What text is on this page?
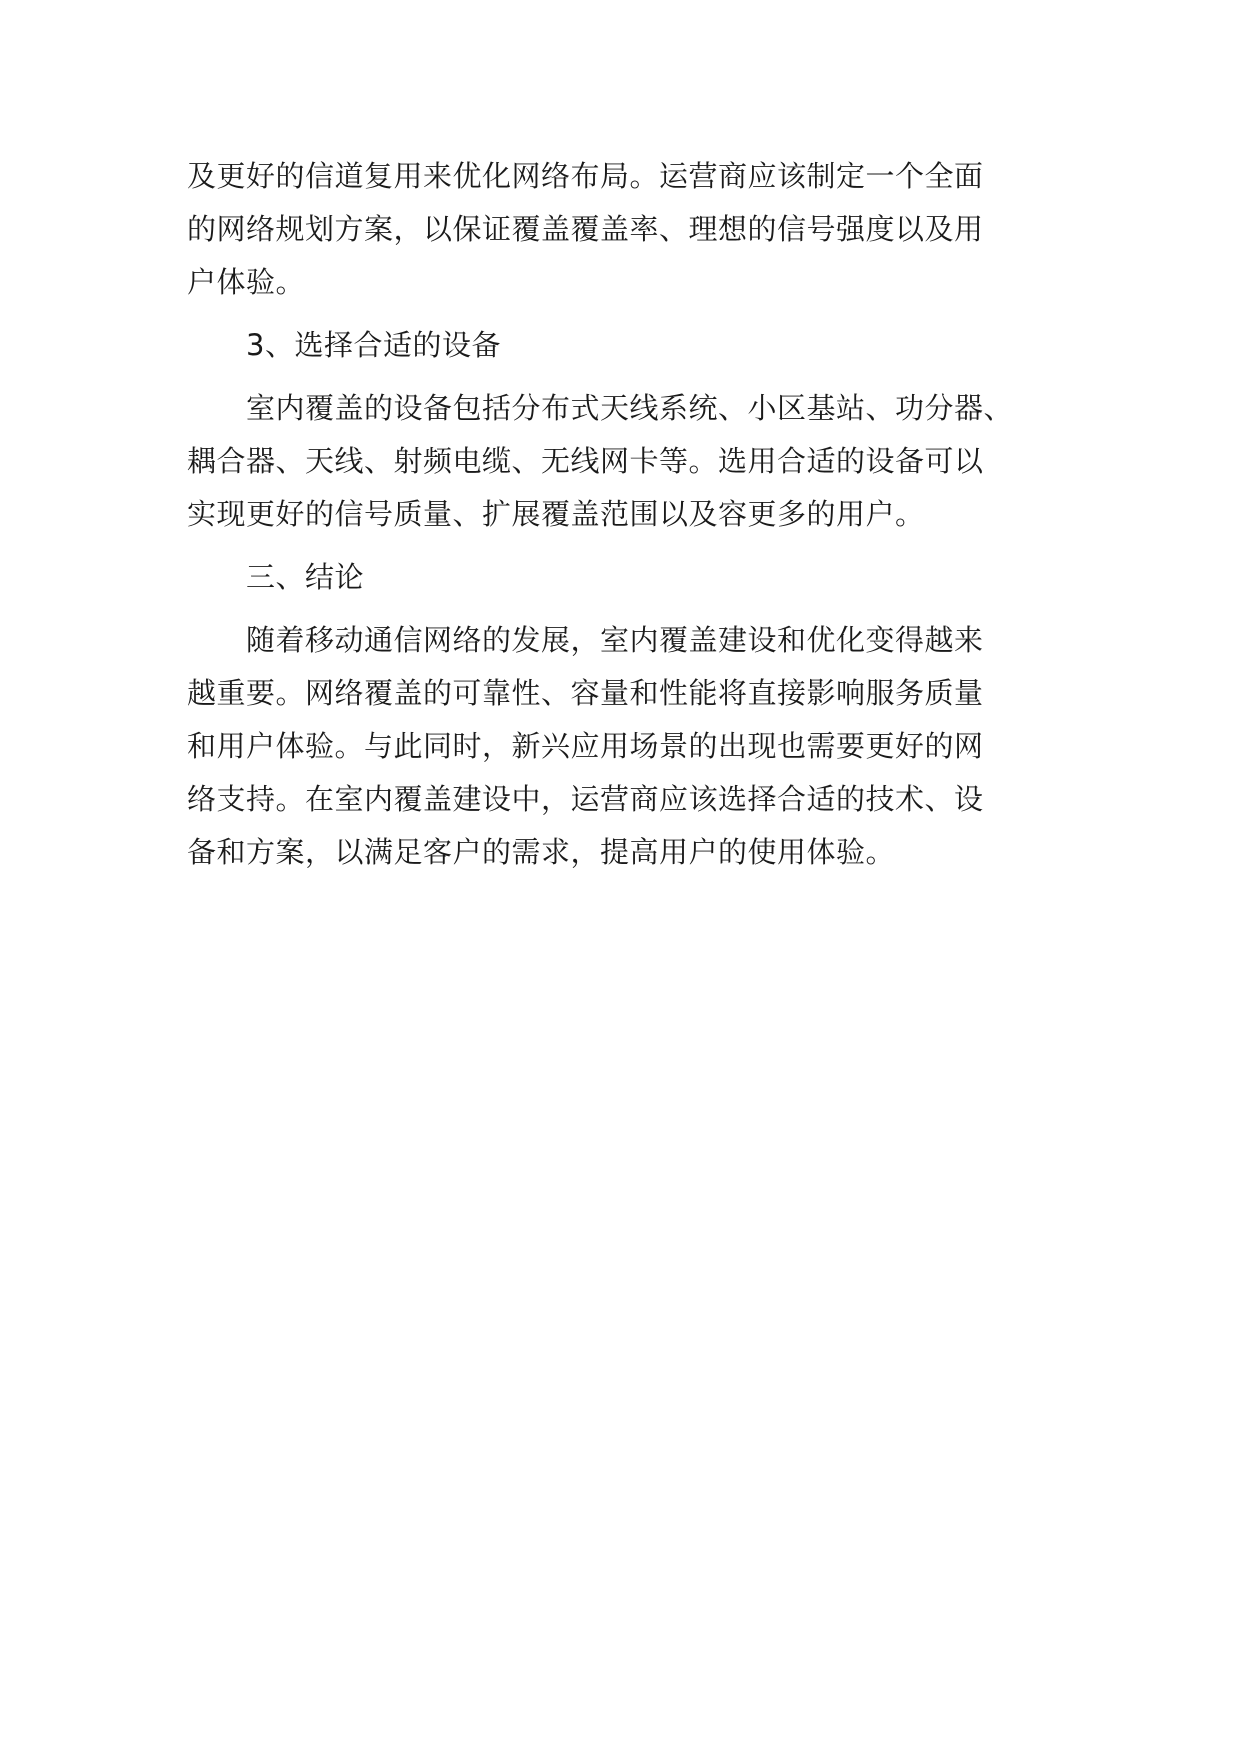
及更好的信道复用来优化网络布局。运营商应该制定一个全面
的网络规划方案，以保证覆盖覆盖率、理想的信号强度以及用
户体验。

3、选择合适的设备

室内覆盖的设备包括分布式天线系统、小区基站、功分器、
耦合器、天线、射频电缆、无线网卡等。选用合适的设备可以
实现更好的信号质量、扩展覆盖范围以及容更多的用户。

三、结论

随着移动通信网络的发展，室内覆盖建设和优化变得越来
越重要。网络覆盖的可靠性、容量和性能将直接影响服务质量
和用户体验。与此同时，新兴应用场景的出现也需要更好的网
络支持。在室内覆盖建设中，运营商应该选择合适的技术、设
备和方案，以满足客户的需求，提高用户的使用体验。
